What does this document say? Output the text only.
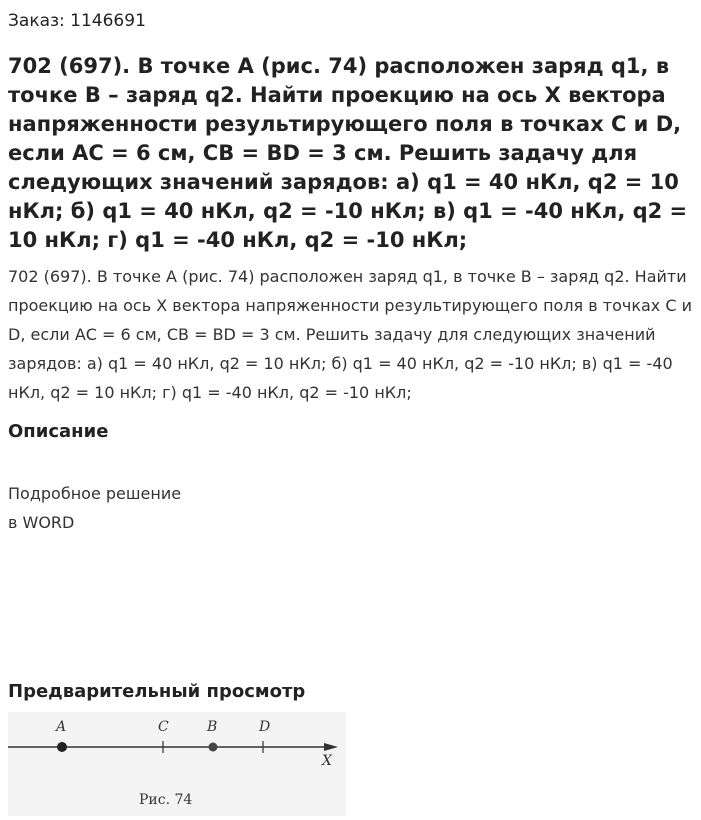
Заказ: 1146691
702 (697). В точке А (рис. 74) расположен заряд q1, в точке В – заряд q2. Найти проекцию на ось X вектора напряженности результирующего поля в точках С и D, если АС = 6 см, СВ = BD = 3 см. Решить задачу для следующих значений зарядов: а) q1 = 40 нКл, q2 = 10 нКл; б) q1 = 40 нКл, q2 = -10 нКл; в) q1 = -40 нКл, q2 = 10 нКл; г) q1 = -40 нКл, q2 = -10 нКл;
702 (697). В точке А (рис. 74) расположен заряд q1, в точке В – заряд q2. Найти проекцию на ось X вектора напряженности результирующего поля в точках С и D, если АС = 6 см, СВ = BD = 3 см. Решить задачу для следующих значений зарядов: а) q1 = 40 нКл, q2 = 10 нКл; б) q1 = 40 нКл, q2 = -10 нКл; в) q1 = -40 нКл, q2 = 10 нКл; г) q1 = -40 нКл, q2 = -10 нКл;
Описание
Подробное решение
в WORD
Предварительный просмотр
A	C	B	D
X
Рис. 74
